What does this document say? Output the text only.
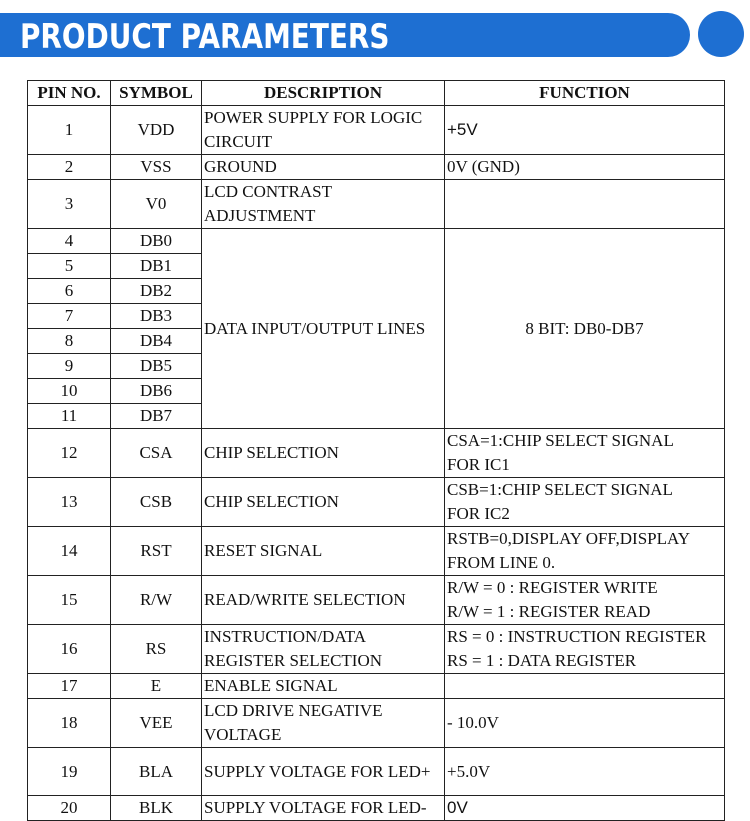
PRODUCT PARAMETERS
PIN NO.	SYMBOL	DESCRIPTION	FUNCTION
1	VDD	POWER SUPPLY FOR LOGIC CIRCUIT	+5V
2	VSS	GROUND	0V (GND)
3	V0	LCD CONTRAST ADJUSTMENT	
4	DB0	DATA INPUT/OUTPUT LINES	8 BIT: DB0-DB7
5	DB1		
6	DB2		
7	DB3		
8	DB4		
9	DB5		
10	DB6		
11	DB7		
12	CSA	CHIP SELECTION	CSA=1:CHIP SELECT SIGNAL
FOR IC1

13	CSB	CHIP SELECTION	CSB=1:CHIP SELECT SIGNAL
FOR IC2

14	RST	RESET SIGNAL	RSTB=0,DISPLAY OFF,DISPLAY
FROM LINE 0.

15	R/W	READ/WRITE SELECTION	R/W = 0 : REGISTER WRITE
R/W = 1 : REGISTER READ

16	RS	INSTRUCTION/DATA REGISTER SELECTION	RS = 0 : INSTRUCTION REGISTER
RS = 1 : DATA REGISTER

17	E	ENABLE SIGNAL	
18	VEE	LCD DRIVE NEGATIVE VOLTAGE	- 10.0V
19	BLA	SUPPLY VOLTAGE FOR LED+	+5.0V
20	BLK	SUPPLY VOLTAGE FOR LED-	0V
